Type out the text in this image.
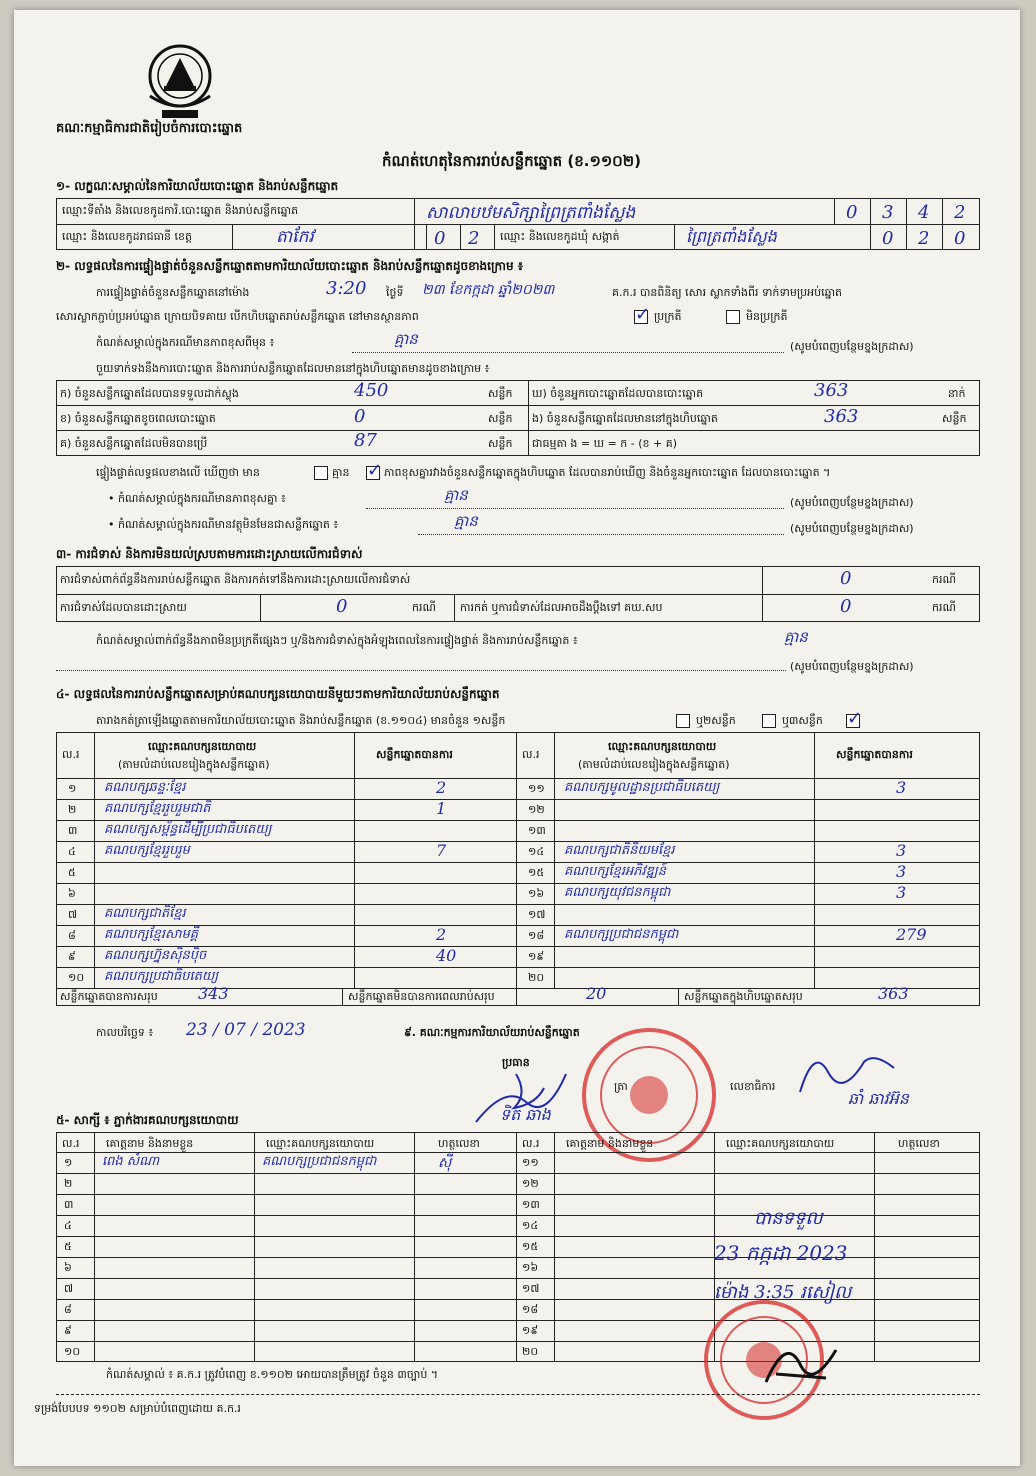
គណៈកម្មាធិការជាតិរៀបចំការបោះឆ្នោត
កំណត់ហេតុនៃការរាប់សន្លឹកឆ្នោត (ខ.១១០២)
១- លក្ខណៈសម្គាល់នៃការិយាល័យបោះឆ្នោត និងរាប់សន្លឹកឆ្នោត
ឈ្មោះទីតាំង និងលេខកូដការិ.បោះឆ្នោត និងរាប់សន្លឹកឆ្នោត	សាលាបឋមសិក្សាព្រៃត្រពាំងស្លែង	0 3 4 2
ឈ្មោះ និងលេខកូដរាជធានី ខេត្ត	តាកែវ	0 2 ឈ្មោះ និងលេខកូដឃុំ សង្កាត់	ព្រៃត្រពាំងស្លែង	0 2 0
២- លទ្ធផលនៃការផ្ទៀងផ្ទាត់ចំនួនសន្លឹកឆ្នោតតាមការិយាល័យបោះឆ្នោត និងរាប់សន្លឹកឆ្នោតដូចខាងក្រោម ៖
ការផ្ទៀងផ្ទាត់ចំនួនសន្លឹកឆ្នោតនៅម៉ោង	3:20 ថ្ងៃទី ២៣ ខែកក្កដា ឆ្នាំ២០២៣	គ.ក.រ បានពិនិត្យ សោរ ស្លាកទាំងពីរ ទាក់ទាមប្រអប់ឆ្នោត
សោរស្លាកភ្ជាប់ប្រអប់ឆ្នោត ក្រោយបិទគាយ បើកហិបឆ្នោតរាប់សន្លឹកឆ្នោត នៅមានស្ថានភាព	✓ ប្រក្រតី	មិនប្រក្រតី
កំណត់សម្គាល់ក្នុងករណីមានភាពខុសពីមុន ៖	គ្មាន	(សូមបំពេញបន្ថែមខ្នងក្រដាស)
ចួយទាក់ទងនឹងការបោះឆ្នោត និងការរាប់សន្លឹកឆ្នោតដែលមាននៅក្នុងហិបឆ្នោតមានដូចខាងក្រោម ៖
ក) ចំនួនសន្លឹកឆ្នោតដែលបានទទួលដាក់ស្លុង	450	សន្លឹក
ខ) ចំនួនសន្លឹកឆ្នោតខូចពេលបោះឆ្នោត	0	សន្លឹក
គ) ចំនួនសន្លឹកឆ្នោតដែលមិនបានប្រើ	87	សន្លឹក
ឃ) ចំនួនអ្នកបោះឆ្នោតដែលបានបោះឆ្នោត	363	នាក់
ង) ចំនួនសន្លឹកឆ្នោតដែលមាននៅក្នុងហិបឆ្នោត	363	សន្លឹក
ជាធម្មតា ង = ឃ = ក - (ខ + គ)
ផ្ទៀងផ្ទាត់លទ្ធផលខាងលើ ឃើញថា មាន	គ្មាន ✓ ភាពខុសគ្នារវាងចំនួនសន្លឹកឆ្នោតក្នុងហិបឆ្នោត ដែលបានរាប់ឃើញ និងចំនួនអ្នកបោះឆ្នោត ដែលបានបោះឆ្នោត ។
• កំណត់សម្គាល់ក្នុងករណីមានភាពខុសគ្នា ៖	គ្មាន	(សូមបំពេញបន្ថែមខ្នងក្រដាស)
• កំណត់សម្គាល់ក្នុងករណីមានវត្ថុមិនមែនជាសន្លឹកឆ្នោត ៖	គ្មាន	(សូមបំពេញបន្ថែមខ្នងក្រដាស)
៣- ការជំទាស់ និងការមិនយល់ស្របតាមការដោះស្រាយលើការជំទាស់
ការជំទាស់ពាក់ព័ន្ធនឹងការរាប់សន្លឹកឆ្នោត និងការកត់ទៅនឹងការដោះស្រាយលើការជំទាស់	0	ករណី
ការជំទាស់ដែលបានដោះស្រាយ	0	ករណី ការកត់ ឬការជំទាស់ដែលអាចដឹងប្តឹងទៅ គឃ.សប	0	ករណី
កំណត់សម្គាល់ពាក់ព័ន្ធនឹងភាពមិនប្រក្រតីផ្សេងៗ ឬ/និងការជំទាស់ក្នុងអំឡុងពេលនៃការផ្ទៀងផ្ទាត់ និងការរាប់សន្លឹកឆ្នោត ៖	គ្មាន
(សូមបំពេញបន្ថែមខ្នងក្រដាស)
៤- លទ្ធផលនៃការរាប់សន្លឹកឆ្នោតសម្រាប់គណបក្សនយោបាយនីមួយៗតាមការិយាល័យរាប់សន្លឹកឆ្នោត
តារាងកត់ត្រាឡើងឆ្នោតតាមការិយាល័យបោះឆ្នោត និងរាប់សន្លឹកឆ្នោត (ខ.១១០៤) មានចំនួន ១សន្លឹក	ឬ២សន្លឹក	ឬ៣សន្លឹក ✓
ល.រ
ឈ្មោះគណបក្សនយោបាយ
(តាមលំដាប់លេខរៀងក្នុងសន្លឹកឆ្នោត)
សន្លឹកឆ្នោតបានការ	ល.រ
ឈ្មោះគណបក្សនយោបាយ
(តាមលំដាប់លេខរៀងក្នុងសន្លឹកឆ្នោត)
សន្លឹកឆ្នោតបានការ
១ គណបក្សឆន្ទៈខ្មែរ	2
២ គណបក្សខ្មែររួបរួមជាតិ	1
៣ គណបក្សសម្ព័ន្ធដើម្បីប្រជាធិបតេយ្យ
៤ គណបក្សខ្មែររួបរួម	7
៥
៦
៧ គណបក្សជាតិខ្មែរ
៨ គណបក្សខ្មែរសាមគ្គី	2
៩ គណបក្សហ្វ៊ុនស៊ិនប៉ិច	40
១០ គណបក្សប្រជាធិបតេយ្យ
១១ គណបក្សមូលដ្ឋានប្រជាធិបតេយ្យ	3
១២
១៣
១៤ គណបក្សជាតិនិយមខ្មែរ	3
១៥ គណបក្សខ្មែរអភិវឌ្ឍន៍	3
១៦ គណបក្សយុវជនកម្ពុជា	3
១៧
១៨ គណបក្សប្រជាជនកម្ពុជា	279
១៩
២០
សន្លឹកឆ្នោតបានការសរុប	343	សន្លឹកឆ្នោតមិនបានការពេលរាប់សរុប	20	សន្លឹកឆ្នោតក្នុងហិបឆ្នោតសរុប	363
កាលបរិច្ឆេទ ៖ 23 / 07 / 2023	៩. គណៈកម្មការការិយាល័យរាប់សន្លឹកឆ្នោត
ប្រធាន
ត្រា	លេខាធិការ
ទិត ឆាង
ឆាំ ឆាវអ៊ន
៥- សាក្សី ៖ ភ្នាក់ងារគណបក្សនយោបាយ
ល.រ គោត្តនាម និងនាមខ្លួន	ឈ្មោះគណបក្សនយោបាយ	ហត្ថលេខា	ល.រ គោត្តនាម និងនាមខ្លួន	ឈ្មោះគណបក្សនយោបាយ	ហត្ថលេខា
១ ពេង សំណា	គណបក្សប្រជាជនកម្ពុជា	ស៊ី
២
៣
៤
៥
៦
៧
៨
៩
១០
១១
១២
១៣
១៤
១៥
១៦
១៧
១៨
១៩
២០
បានទទួល
23 កក្កដា 2023
ម៉ោង 3:35 រសៀល
កំណត់សម្គាល់ ៖ គ.ក.រ ត្រូវបំពេញ ខ.១១០២ អោយបានត្រឹមត្រូវ ចំនួន ៣ច្បាប់ ។
ទម្រង់បែបបទ ១១០២ សម្រាប់បំពេញដោយ គ.ក.រ
